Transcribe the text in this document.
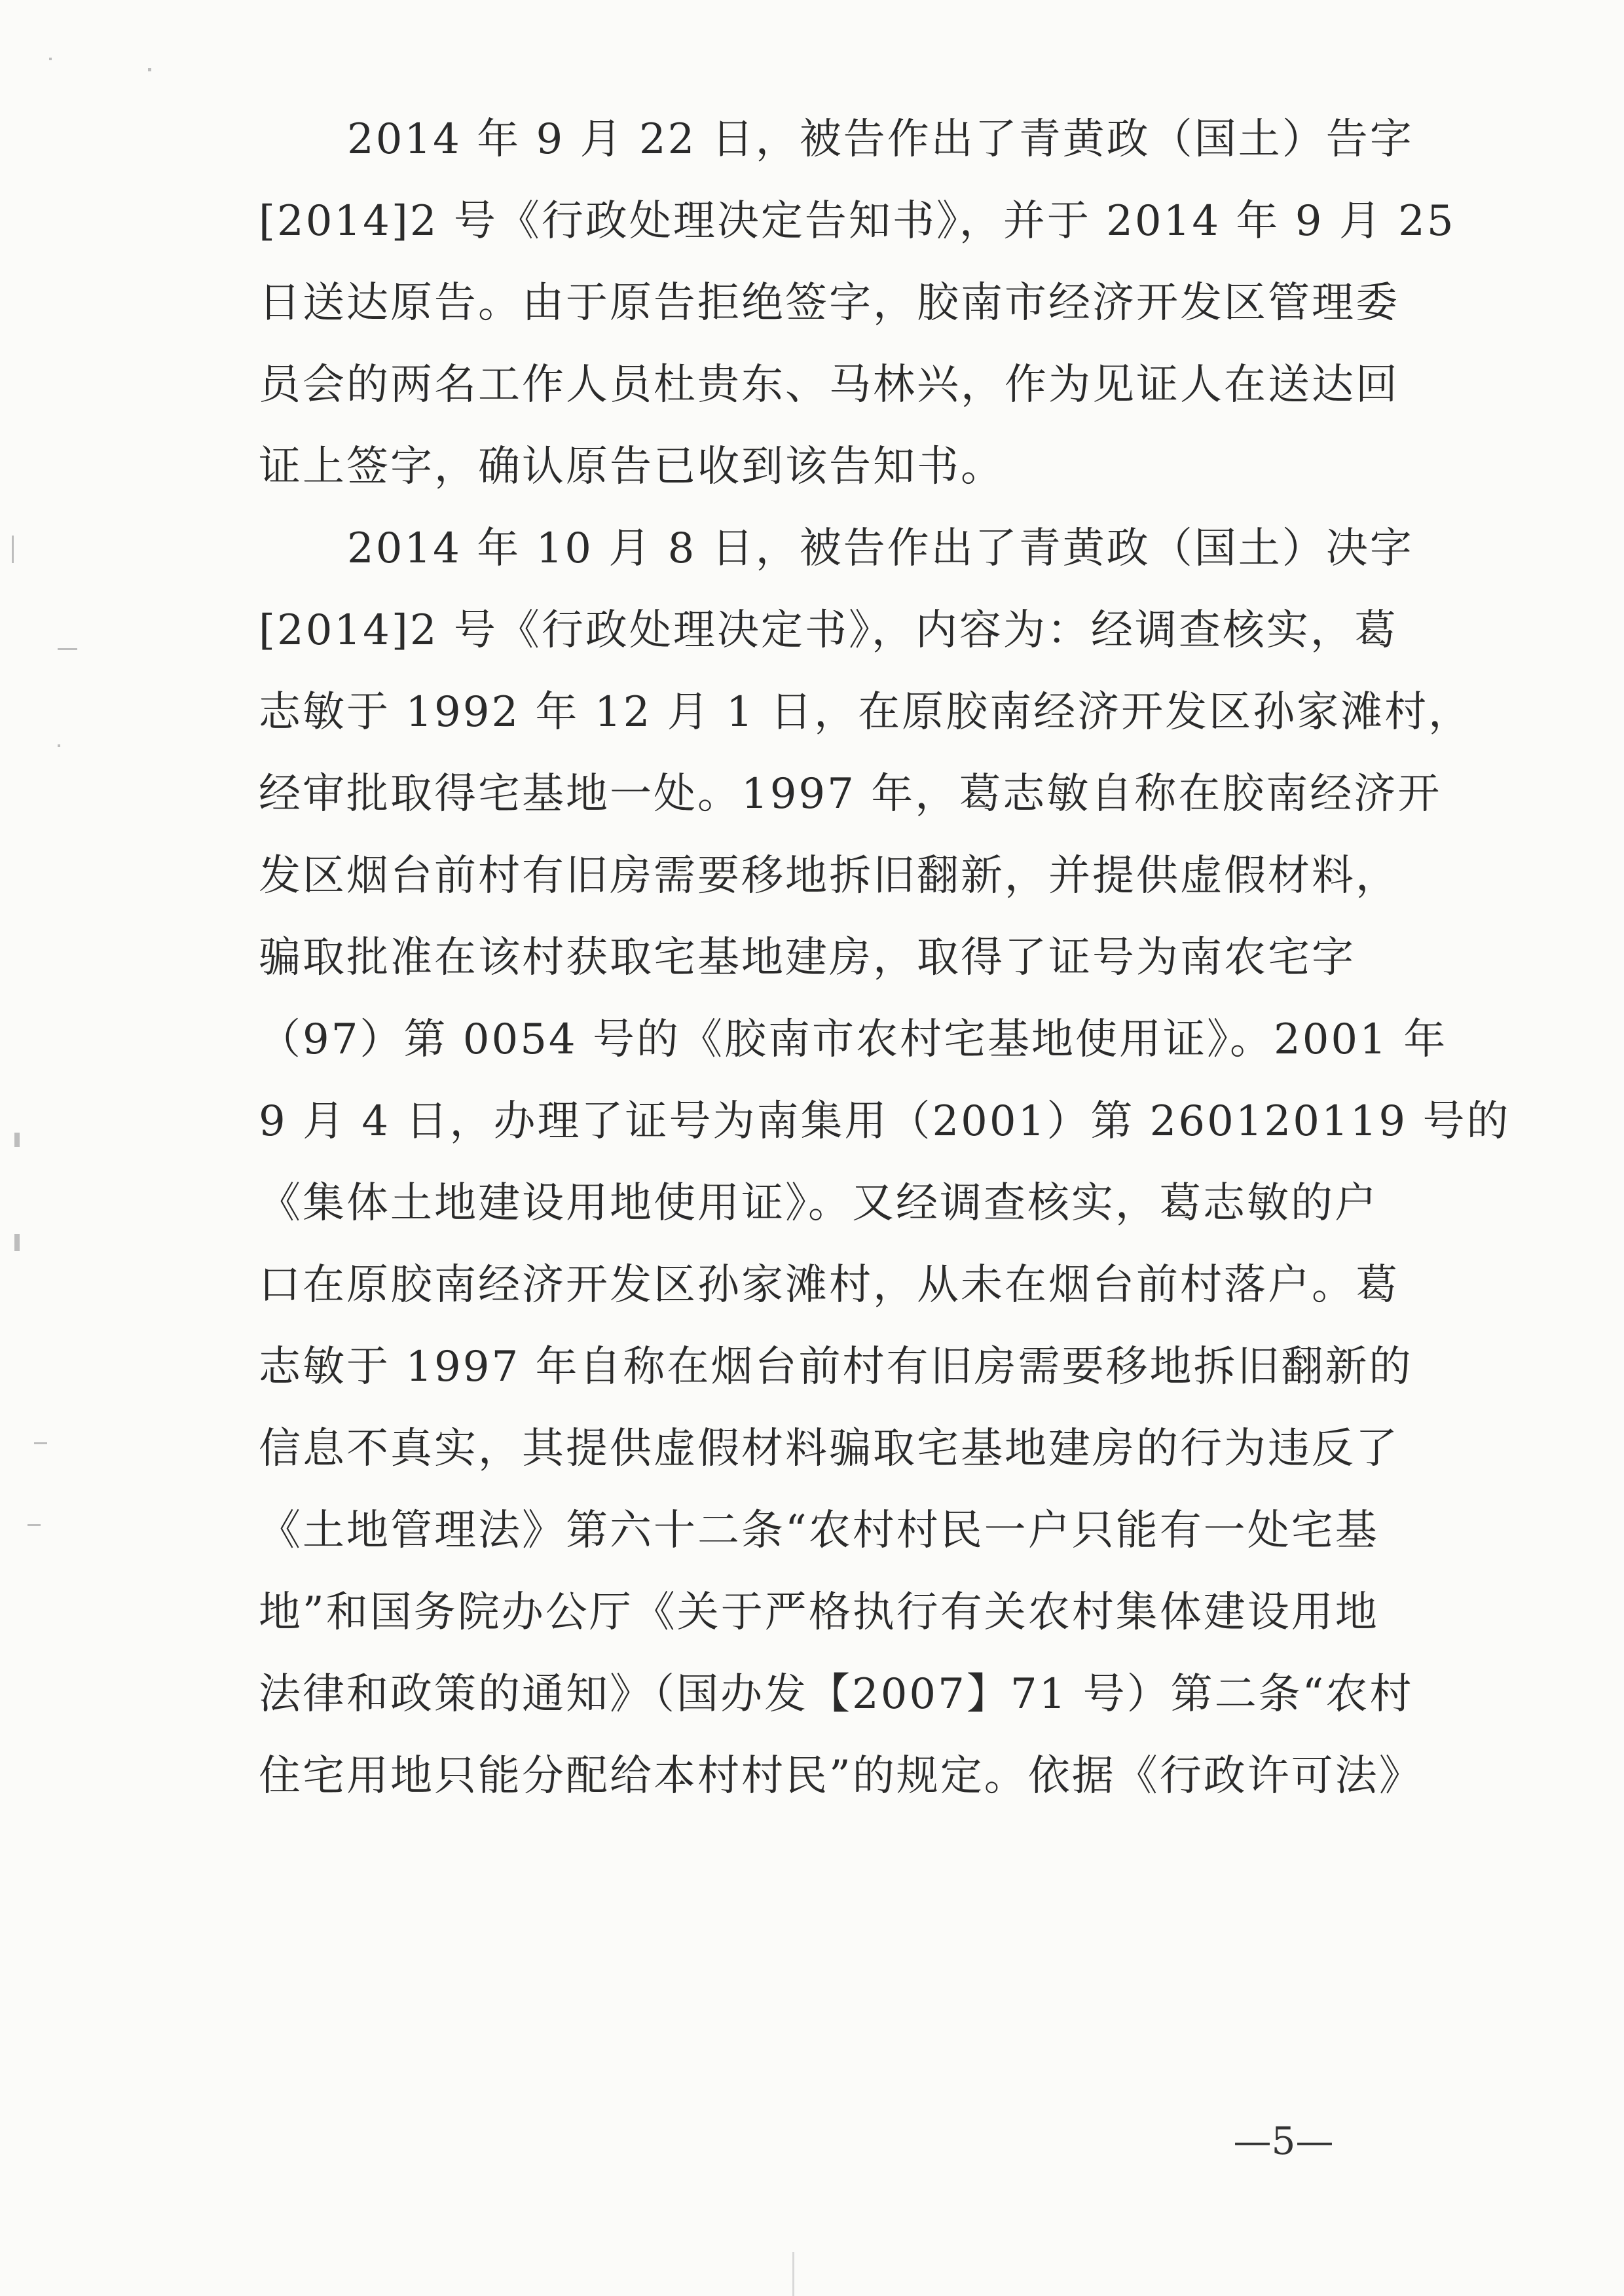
2014 年 9 月 22 日，被告作出了青黄政（国土）告字
[2014]2 号《行政处理决定告知书》，并于 2014 年 9 月 25
日送达原告。由于原告拒绝签字，胶南市经济开发区管理委
员会的两名工作人员杜贵东、马林兴，作为见证人在送达回
证上签字，确认原告已收到该告知书。
2014 年 10 月 8 日，被告作出了青黄政（国土）决字
[2014]2 号《行政处理决定书》，内容为：经调查核实，葛
志敏于 1992 年 12 月 1 日，在原胶南经济开发区孙家滩村，
经审批取得宅基地一处。1997 年，葛志敏自称在胶南经济开
发区烟台前村有旧房需要移地拆旧翻新，并提供虚假材料，
骗取批准在该村获取宅基地建房，取得了证号为南农宅字
（97）第 0054 号的《胶南市农村宅基地使用证》。2001 年
9 月 4 日，办理了证号为南集用（2001）第 260120119 号的
《集体土地建设用地使用证》。又经调查核实，葛志敏的户
口在原胶南经济开发区孙家滩村，从未在烟台前村落户。葛
志敏于 1997 年自称在烟台前村有旧房需要移地拆旧翻新的
信息不真实，其提供虚假材料骗取宅基地建房的行为违反了
《土地管理法》第六十二条“农村村民一户只能有一处宅基
地”和国务院办公厅《关于严格执行有关农村集体建设用地
法律和政策的通知》（国办发【2007】71 号）第二条“农村
住宅用地只能分配给本村村民”的规定。依据《行政许可法》
—5—
